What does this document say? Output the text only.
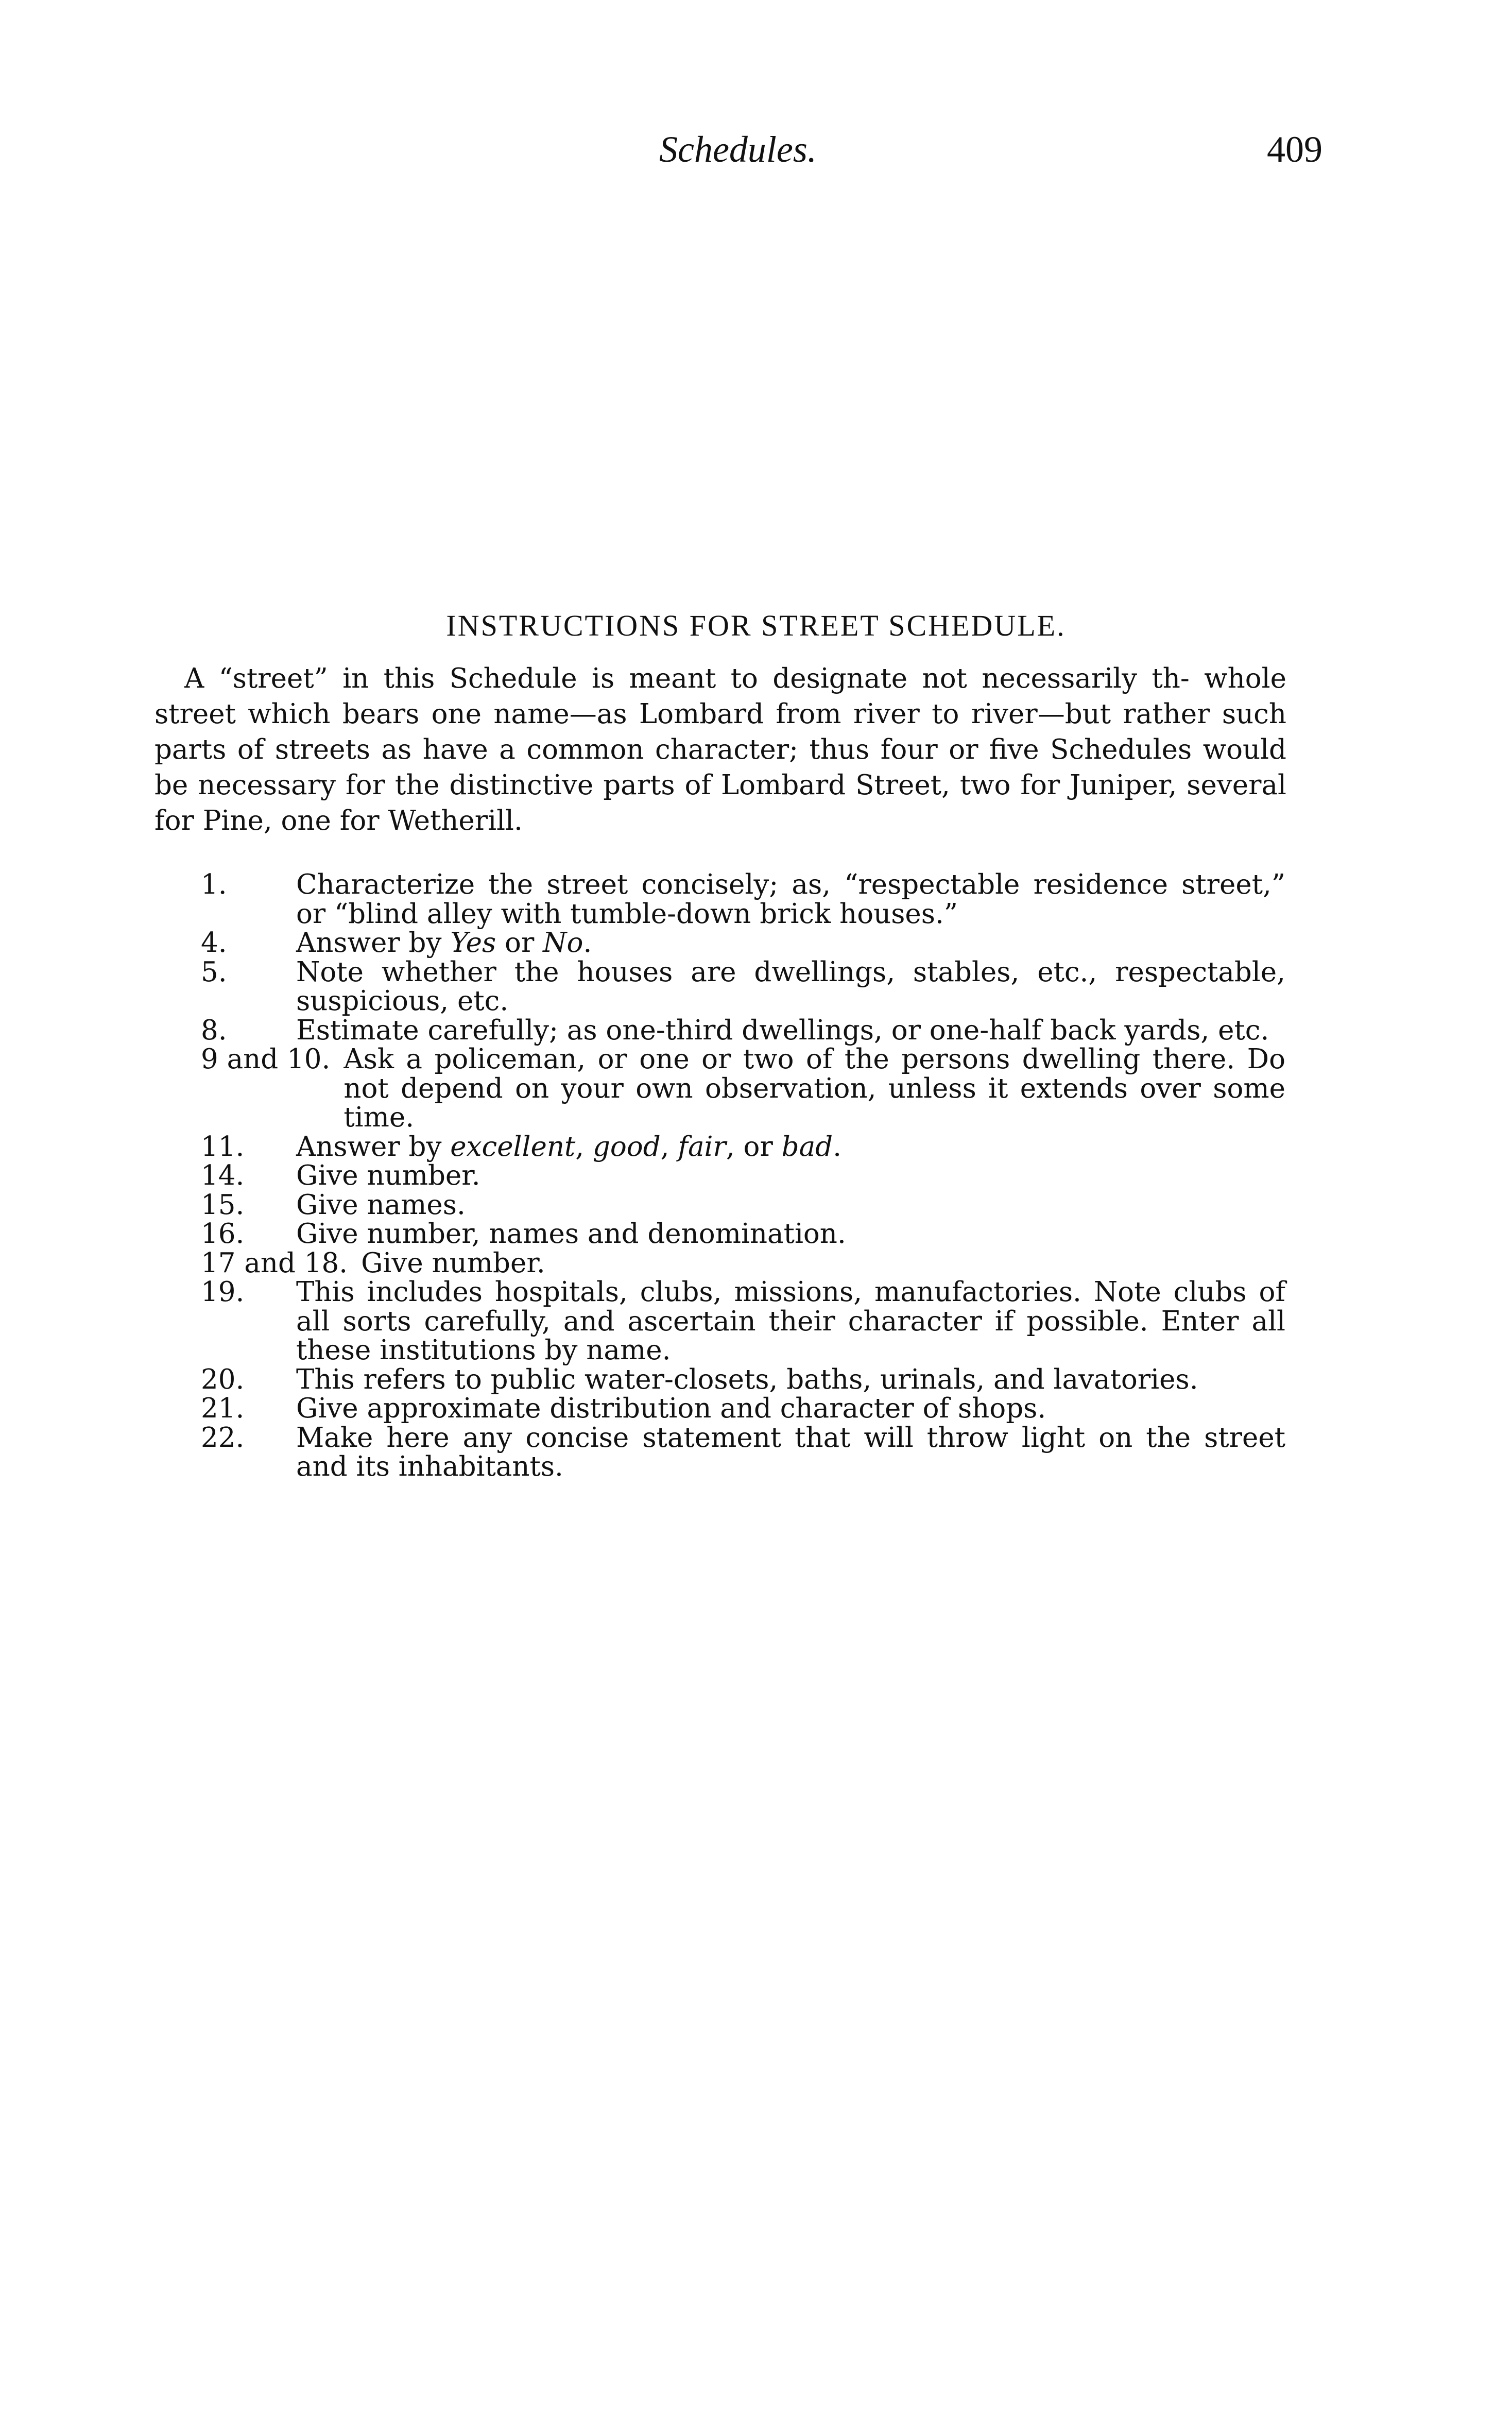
Schedules.	409
INSTRUCTIONS FOR STREET SCHEDULE.

A “street” in this Schedule is meant to designate not necessarily th- whole street which bears one name—as Lombard from river to river—but rather such parts of streets as have a common character; thus four or five Schedules would be necessary for the distinctive parts of Lombard Street, two for Juniper, several for Pine, one for Wetherill.

1.	Characterize the street concisely; as, “respectable residence street,” or “blind alley with tumble-down brick houses.”
4.	Answer by Yes or No.
5.	Note whether the houses are dwellings, stables, etc., respectable, suspicious, etc.
8.	Estimate carefully; as one-third dwellings, or one-half back yards, etc.
9 and 10. Ask a policeman, or one or two of the persons dwelling there. Do not depend on your own observation, unless it extends over some time.
11.	Answer by excellent, good, fair, or bad.
14.	Give number.
15.	Give names.
16.	Give number, names and denomination.
17 and 18. Give number.
19.	This includes hospitals, clubs, missions, manufactories. Note clubs of all sorts carefully, and ascertain their character if possible. Enter all these institutions by name.
20.	This refers to public water-closets, baths, urinals, and lavatories.
21.	Give approximate distribution and character of shops.
22.	Make here any concise statement that will throw light on the street and its inhabitants.
